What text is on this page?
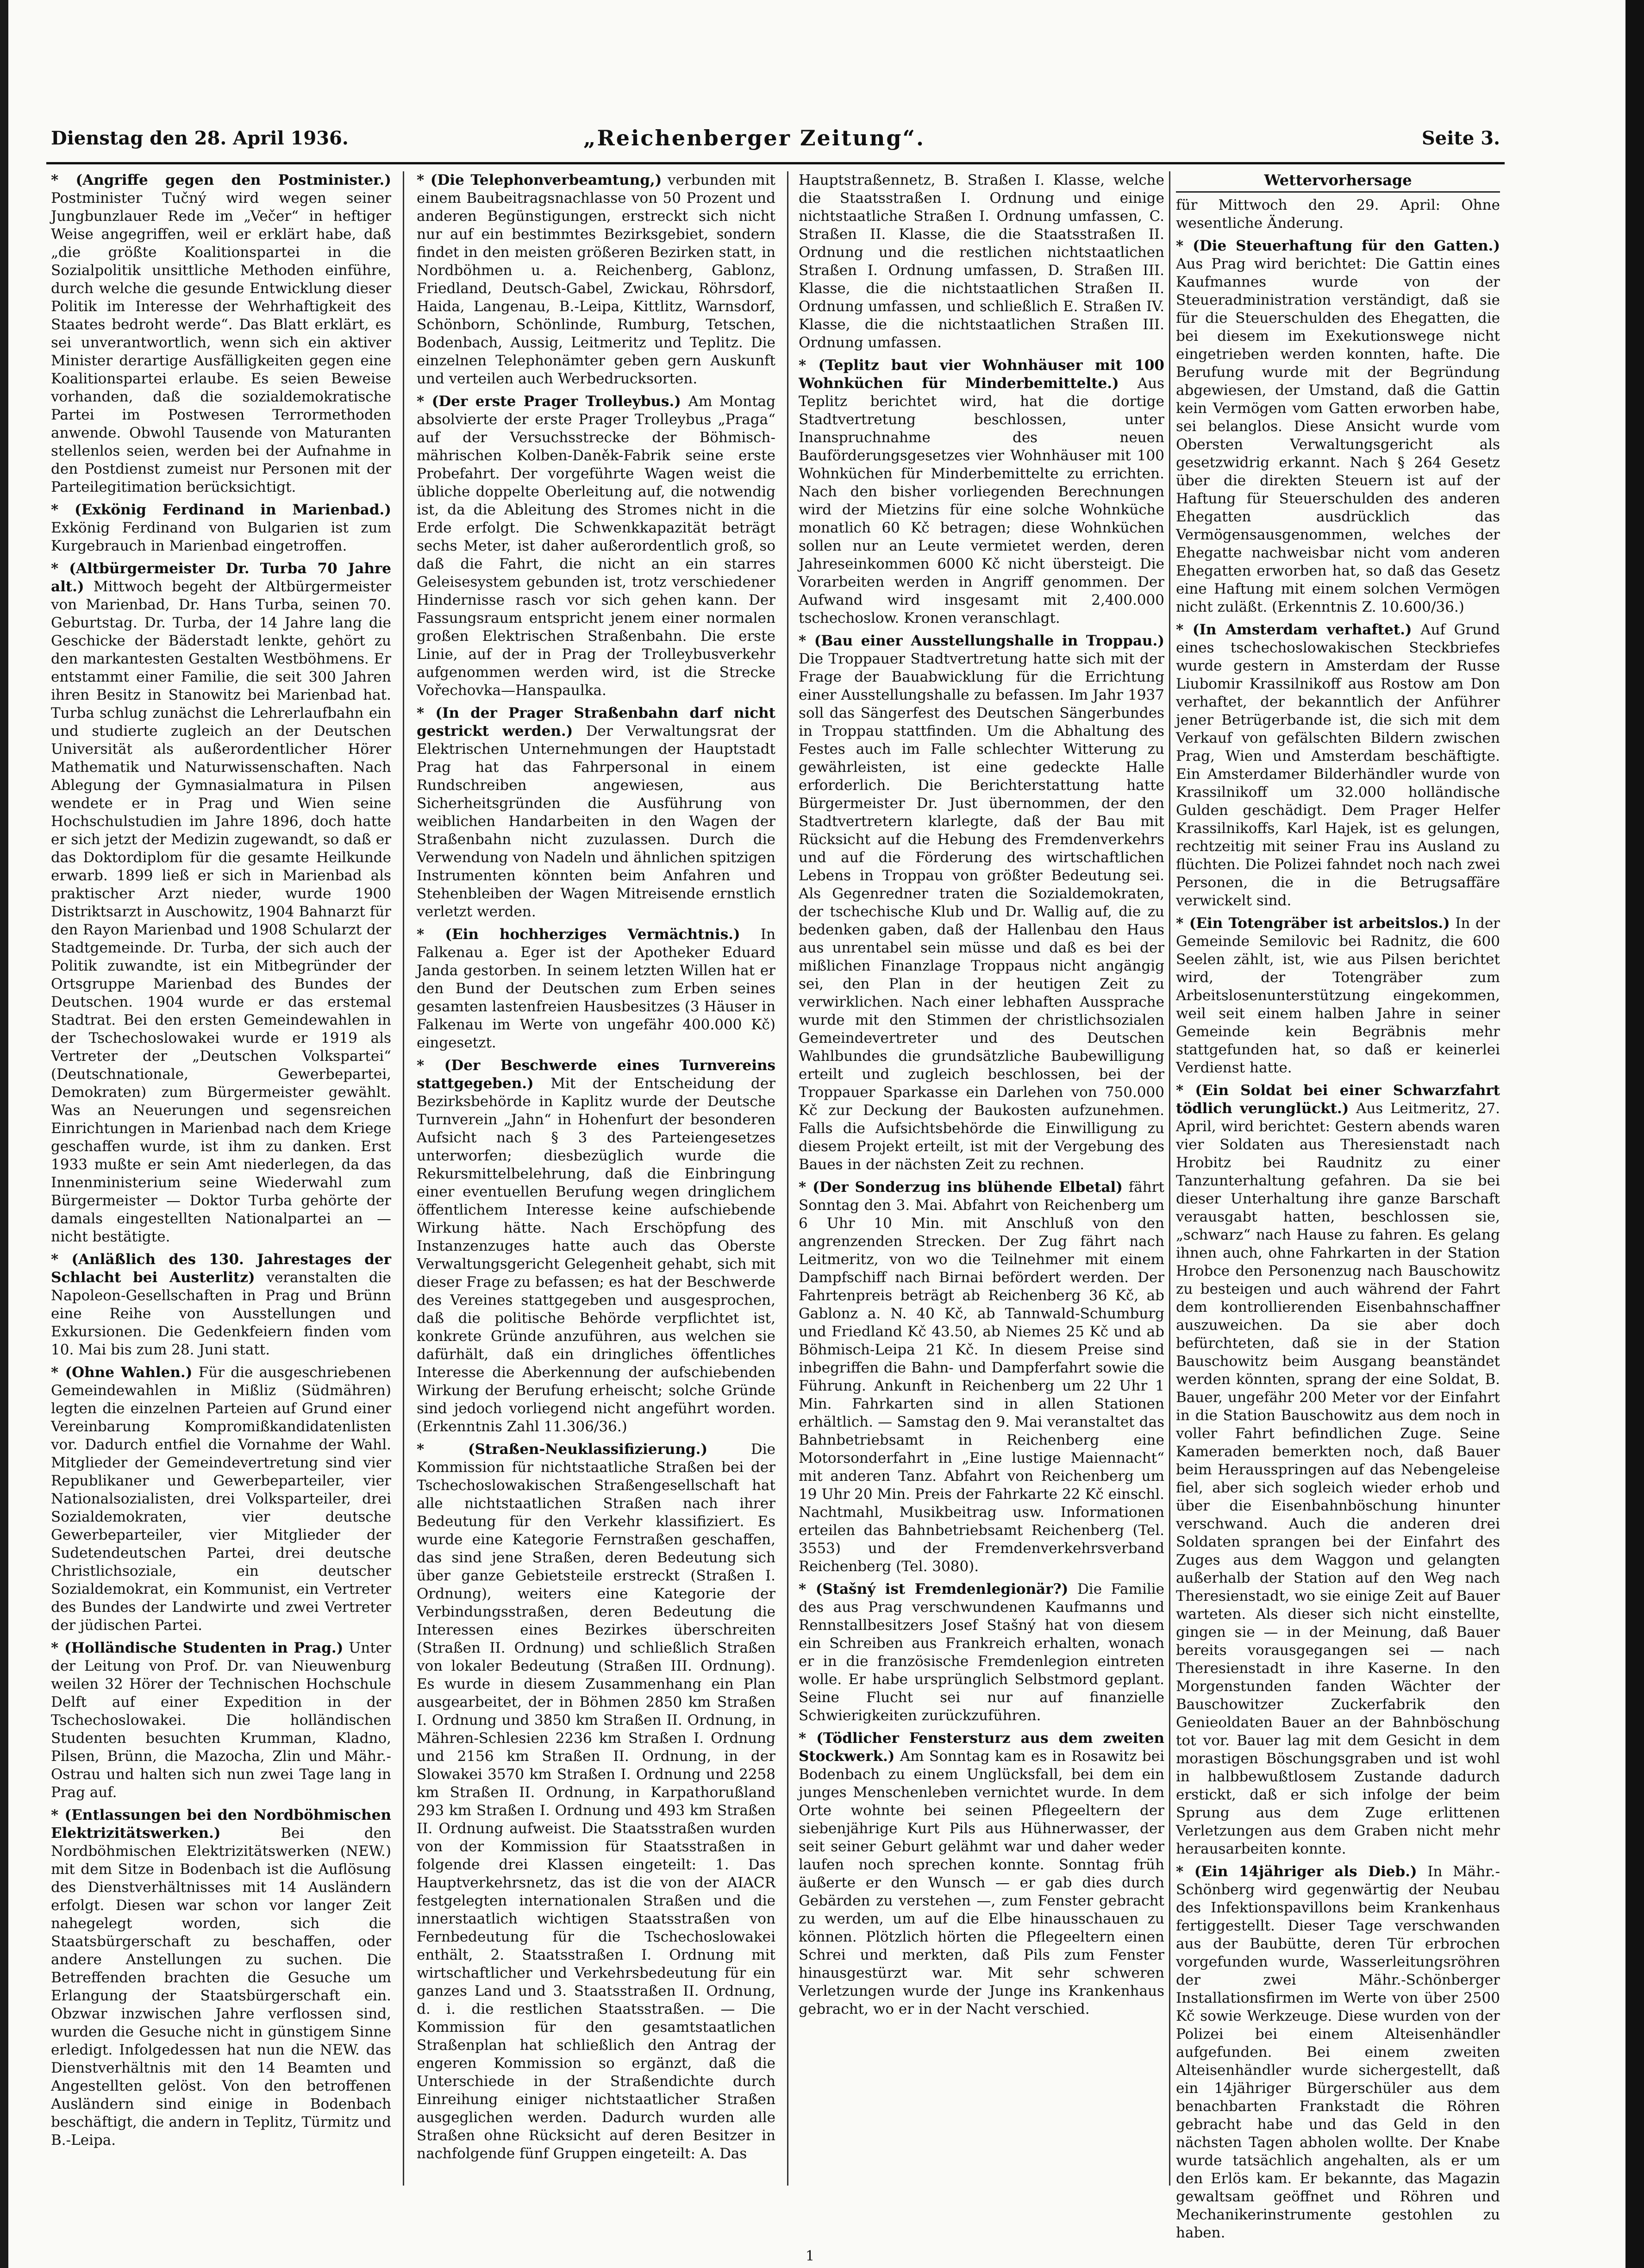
Dienstag den 28. April 1936.	„Reichenberger Zeitung“.	Seite 3.

* (Angriffe gegen den Postminister.) Postminister Tučný wird wegen seiner Jungbunzlauer Rede im „Večer“ in heftiger Weise angegriffen, weil er erklärt habe, daß „die größte Koalitionspartei in die Sozialpolitik unsittliche Methoden einführe, durch welche die gesunde Entwicklung dieser Politik im Interesse der Wehrhaftigkeit des Staates bedroht werde“. Das Blatt erklärt, es sei unverantwortlich, wenn sich ein aktiver Minister derartige Ausfälligkeiten gegen eine Koalitionspartei erlaube. Es seien Beweise vorhanden, daß die sozialdemokratische Partei im Postwesen Terrormethoden anwende. Obwohl Tausende von Maturanten stellenlos seien, werden bei der Aufnahme in den Postdienst zumeist nur Personen mit der Parteilegitimation berücksichtigt.

* (Exkönig Ferdinand in Marienbad.) Exkönig Ferdinand von Bulgarien ist zum Kurgebrauch in Marienbad eingetroffen.

* (Altbürgermeister Dr. Turba 70 Jahre alt.) Mittwoch begeht der Altbürgermeister von Marienbad, Dr. Hans Turba, seinen 70. Geburtstag. Dr. Turba, der 14 Jahre lang die Geschicke der Bäderstadt lenkte, gehört zu den markantesten Gestalten Westböhmens. Er entstammt einer Familie, die seit 300 Jahren ihren Besitz in Stanowitz bei Marienbad hat. Turba schlug zunächst die Lehrerlaufbahn ein und studierte zugleich an der Deutschen Universität als außerordentlicher Hörer Mathematik und Naturwissenschaften. Nach Ablegung der Gymnasialmatura in Pilsen wendete er in Prag und Wien seine Hochschulstudien im Jahre 1896, doch hatte er sich jetzt der Medizin zugewandt, so daß er das Doktordiplom für die gesamte Heilkunde erwarb. 1899 ließ er sich in Marienbad als praktischer Arzt nieder, wurde 1900 Distriktsarzt in Auschowitz, 1904 Bahnarzt für den Rayon Marienbad und 1908 Schularzt der Stadtgemeinde. Dr. Turba, der sich auch der Politik zuwandte, ist ein Mitbegründer der Ortsgruppe Marienbad des Bundes der Deutschen. 1904 wurde er das erstemal Stadtrat. Bei den ersten Gemeindewahlen in der Tschechoslowakei wurde er 1919 als Vertreter der „Deutschen Volkspartei“ (Deutschnationale, Gewerbepartei, Demokraten) zum Bürgermeister gewählt. Was an Neuerungen und segensreichen Einrichtungen in Marienbad nach dem Kriege geschaffen wurde, ist ihm zu danken. Erst 1933 mußte er sein Amt niederlegen, da das Innenministerium seine Wiederwahl zum Bürgermeister — Doktor Turba gehörte der damals eingestellten Nationalpartei an — nicht bestätigte.

* (Anläßlich des 130. Jahrestages der Schlacht bei Austerlitz) veranstalten die Napoleon-Gesellschaften in Prag und Brünn eine Reihe von Ausstellungen und Exkursionen. Die Gedenkfeiern finden vom 10. Mai bis zum 28. Juni statt.

* (Ohne Wahlen.) Für die ausgeschriebenen Gemeindewahlen in Mißliz (Südmähren) legten die einzelnen Parteien auf Grund einer Vereinbarung Kompromißkandidatenlisten vor. Dadurch entfiel die Vornahme der Wahl. Mitglieder der Gemeindevertretung sind vier Republikaner und Gewerbeparteiler, vier Nationalsozialisten, drei Volksparteiler, drei Sozialdemokraten, vier deutsche Gewerbeparteiler, vier Mitglieder der Sudetendeutschen Partei, drei deutsche Christlichsoziale, ein deutscher Sozialdemokrat, ein Kommunist, ein Vertreter des Bundes der Landwirte und zwei Vertreter der jüdischen Partei.

* (Holländische Studenten in Prag.) Unter der Leitung von Prof. Dr. van Nieuwenburg weilen 32 Hörer der Technischen Hochschule Delft auf einer Expedition in der Tschechoslowakei. Die holländischen Studenten besuchten Krumman, Kladno, Pilsen, Brünn, die Mazocha, Zlin und Mähr.-Ostrau und halten sich nun zwei Tage lang in Prag auf.

* (Entlassungen bei den Nordböhmischen Elektrizitätswerken.)	Bei den Nordböhmischen Elektrizitätswerken (NEW.) mit dem Sitze in Bodenbach ist die Auflösung des Dienstverhältnisses mit 14 Ausländern erfolgt. Diesen war schon vor langer Zeit nahegelegt worden, sich die Staatsbürgerschaft zu beschaffen, oder andere Anstellungen zu suchen. Die Betreffenden brachten die Gesuche um Erlangung der Staatsbürgerschaft ein. Obzwar inzwischen Jahre verflossen sind, wurden die Gesuche nicht in günstigem Sinne erledigt. Infolgedessen hat nun die NEW. das Dienstverhältnis mit den 14 Beamten und Angestellten gelöst. Von den betroffenen Ausländern sind einige in Bodenbach beschäftigt, die andern in Teplitz, Türmitz und B.-Leipa.

* (Die Telephonverbeamtung,) verbunden mit einem Baubeitragsnachlasse von 50 Prozent und anderen Begünstigungen, erstreckt sich nicht nur auf ein bestimmtes Bezirksgebiet, sondern findet in den meisten größeren Bezirken statt, in Nordböhmen u. a. Reichenberg, Gablonz, Friedland, Deutsch-Gabel, Zwickau, Röhrsdorf, Haida, Langenau, B.-Leipa, Kittlitz, Warnsdorf, Schönborn, Schönlinde, Rumburg, Tetschen, Bodenbach, Aussig, Leitmeritz und Teplitz. Die einzelnen Telephonämter geben gern Auskunft und verteilen auch Werbedrucksorten.

* (Der erste Prager Trolleybus.) Am Montag absolvierte der erste Prager Trolleybus „Praga“ auf der Versuchsstrecke der Böhmisch-mährischen Kolben-Daněk-Fabrik seine erste Probefahrt. Der vorgeführte Wagen weist die übliche doppelte Oberleitung auf, die notwendig ist, da die Ableitung des Stromes nicht in die Erde erfolgt. Die Schwenkkapazität beträgt sechs Meter, ist daher außerordentlich groß, so daß die Fahrt, die nicht an ein starres Geleisesystem gebunden ist, trotz verschiedener Hindernisse rasch vor sich gehen kann. Der Fassungsraum entspricht jenem einer normalen großen Elektrischen Straßenbahn. Die erste Linie, auf der in Prag der Trolleybusverkehr aufgenommen werden wird, ist die Strecke Vořechovka—Hanspaulka.

* (In der Prager Straßenbahn darf nicht gestrickt werden.) Der Verwaltungsrat der Elektrischen Unternehmungen der Hauptstadt Prag hat das Fahrpersonal in einem Rundschreiben angewiesen, aus Sicherheitsgründen die Ausführung von weiblichen Handarbeiten in den Wagen der Straßenbahn nicht zuzulassen. Durch die Verwendung von Nadeln und ähnlichen spitzigen Instrumenten könnten beim Anfahren und Stehenbleiben der Wagen Mitreisende ernstlich verletzt werden.

* (Ein hochherziges Vermächtnis.) In Falkenau a. Eger ist der Apotheker Eduard Janda gestorben. In seinem letzten Willen hat er den Bund der Deutschen zum Erben seines gesamten lastenfreien Hausbesitzes (3 Häuser in Falkenau im Werte von ungefähr 400.000 Kč) eingesetzt.

* (Der Beschwerde eines Turnvereins stattgegeben.) Mit der Entscheidung der Bezirksbehörde in Kaplitz wurde der Deutsche Turnverein „Jahn“ in Hohenfurt der besonderen Aufsicht nach § 3 des Parteiengesetzes unterworfen; diesbezüglich wurde die Rekursmittelbelehrung, daß die Einbringung einer eventuellen Berufung wegen dringlichem öffentlichem Interesse keine aufschiebende Wirkung hätte. Nach Erschöpfung des Instanzenzuges hatte auch das Oberste Verwaltungsgericht Gelegenheit gehabt, sich mit dieser Frage zu befassen; es hat der Beschwerde des Vereines stattgegeben und ausgesprochen, daß die politische Behörde verpflichtet ist, konkrete Gründe anzuführen, aus welchen sie dafürhält, daß ein dringliches öffentliches Interesse die Aberkennung der aufschiebenden Wirkung der Berufung erheischt; solche Gründe sind jedoch vorliegend nicht angeführt worden. (Erkenntnis Zahl 11.306/36.)

* (Straßen-Neuklassifizierung.)	Die Kommission für nichtstaatliche Straßen bei der Tschechoslowakischen Straßengesellschaft hat alle nichtstaatlichen Straßen nach ihrer Bedeutung für den Verkehr klassifiziert. Es wurde eine Kategorie Fernstraßen geschaffen, das sind jene Straßen, deren Bedeutung sich über ganze Gebietsteile erstreckt (Straßen I. Ordnung), weiters eine Kategorie der Verbindungsstraßen, deren Bedeutung die Interessen eines Bezirkes überschreiten (Straßen II. Ordnung) und schließlich Straßen von lokaler Bedeutung (Straßen III. Ordnung). Es wurde in diesem Zusammenhang ein Plan ausgearbeitet, der in Böhmen 2850 km Straßen I. Ordnung und 3850 km Straßen II. Ordnung, in Mähren-Schlesien 2236 km Straßen I. Ordnung und 2156 km Straßen II. Ordnung, in der Slowakei 3570 km Straßen I. Ordnung und 2258 km Straßen II. Ordnung, in Karpathorußland 293 km Straßen I. Ordnung und 493 km Straßen II. Ordnung aufweist. Die Staatsstraßen wurden von der Kommission für Staatsstraßen in folgende drei Klassen eingeteilt: 1. Das Hauptverkehrsnetz, das ist die von der AIACR festgelegten internationalen Straßen und die innerstaatlich wichtigen Staatsstraßen von Fernbedeutung für die Tschechoslowakei enthält, 2. Staatsstraßen I. Ordnung mit wirtschaftlicher und Verkehrsbedeutung für ein ganzes Land und 3. Staatsstraßen II. Ordnung, d. i. die restlichen Staatsstraßen. — Die Kommission für den gesamtstaatlichen Straßenplan hat schließlich den Antrag der engeren Kommission so ergänzt, daß die Unterschiede in der Straßendichte durch Einreihung einiger nichtstaatlicher Straßen ausgeglichen werden. Dadurch wurden alle Straßen ohne Rücksicht auf deren Besitzer in nachfolgende fünf Gruppen eingeteilt: A. Das

Hauptstraßennetz, B. Straßen I. Klasse, welche die Staatsstraßen I. Ordnung und einige nichtstaatliche Straßen I. Ordnung umfassen, C. Straßen II. Klasse, die die Staatsstraßen II. Ordnung und die restlichen nichtstaatlichen Straßen I. Ordnung umfassen, D. Straßen III. Klasse, die die nichtstaatlichen Straßen II. Ordnung umfassen, und schließlich E. Straßen IV. Klasse, die die nichtstaatlichen Straßen III. Ordnung umfassen.

* (Teplitz baut vier Wohnhäuser mit 100 Wohnküchen für Minderbemittelte.) Aus Teplitz berichtet wird, hat die dortige Stadtvertretung beschlossen, unter Inanspruchnahme des neuen Bauförderungsgesetzes vier Wohnhäuser mit 100 Wohnküchen für Minderbemittelte zu errichten. Nach den bisher vorliegenden Berechnungen wird der Mietzins für eine solche Wohnküche monatlich 60 Kč betragen; diese Wohnküchen sollen nur an Leute vermietet werden, deren Jahreseinkommen 6000 Kč nicht übersteigt. Die Vorarbeiten werden in Angriff genommen. Der Aufwand wird insgesamt mit 2,400.000 tschechoslow. Kronen veranschlagt.

* (Bau einer Ausstellungshalle in Troppau.) Die Troppauer Stadtvertretung hatte sich mit der Frage der Bauabwicklung für die Errichtung einer Ausstellungshalle zu befassen. Im Jahr 1937 soll das Sängerfest des Deutschen Sängerbundes in Troppau stattfinden. Um die Abhaltung des Festes auch im Falle schlechter Witterung zu gewährleisten, ist eine gedeckte Halle erforderlich. Die Berichterstattung hatte Bürgermeister Dr. Just übernommen, der den Stadtvertretern klarlegte, daß der Bau mit Rücksicht auf die Hebung des Fremdenverkehrs und auf die Förderung des wirtschaftlichen Lebens in Troppau von größter Bedeutung sei. Als Gegenredner traten die Sozialdemokraten, der tschechische Klub und Dr. Wallig auf, die zu bedenken gaben, daß der Hallenbau den Haus aus unrentabel sein müsse und daß es bei der mißlichen Finanzlage Troppaus nicht angängig sei, den Plan in der heutigen Zeit zu verwirklichen. Nach einer lebhaften Aussprache wurde mit den Stimmen der christlichsozialen Gemeindevertreter und des Deutschen Wahlbundes die grundsätzliche Baubewilligung erteilt und zugleich beschlossen, bei der Troppauer Sparkasse ein Darlehen von 750.000 Kč zur Deckung der Baukosten aufzunehmen. Falls die Aufsichtsbehörde die Einwilligung zu diesem Projekt erteilt, ist mit der Vergebung des Baues in der nächsten Zeit zu rechnen.

* (Der Sonderzug ins blühende Elbetal) fährt Sonntag den 3. Mai. Abfahrt von Reichenberg um 6 Uhr 10 Min. mit Anschluß von den angrenzenden Strecken. Der Zug fährt nach Leitmeritz, von wo die Teilnehmer mit einem Dampfschiff nach Birnai befördert werden. Der Fahrtenpreis beträgt ab Reichenberg 36 Kč, ab Gablonz a. N. 40 Kč, ab Tannwald-Schumburg und Friedland Kč 43.50, ab Niemes 25 Kč und ab Böhmisch-Leipa 21 Kč. In diesem Preise sind inbegriffen die Bahn- und Dampferfahrt sowie die Führung. Ankunft in Reichenberg um 22 Uhr 1 Min. Fahrkarten sind in allen Stationen erhältlich. — Samstag den 9. Mai veranstaltet das Bahnbetriebsamt in Reichenberg eine Motorsonderfahrt in „Eine lustige Maiennacht“ mit anderen Tanz. Abfahrt von Reichenberg um 19 Uhr 20 Min. Preis der Fahrkarte 22 Kč einschl. Nachtmahl, Musikbeitrag usw. Informationen erteilen das Bahnbetriebsamt Reichenberg (Tel. 3553) und der Fremdenverkehrsverband Reichenberg (Tel. 3080).

* (Stašný ist Fremdenlegionär?) Die Familie des aus Prag verschwundenen Kaufmanns und Rennstallbesitzers Josef Stašný hat von diesem ein Schreiben aus Frankreich erhalten, wonach er in die französische Fremdenlegion eintreten wolle. Er habe ursprünglich Selbstmord geplant. Seine Flucht sei nur auf finanzielle Schwierigkeiten zurückzuführen.

* (Tödlicher Fenstersturz aus dem zweiten Stockwerk.) Am Sonntag kam es in Rosawitz bei Bodenbach zu einem Unglücksfall, bei dem ein junges Menschenleben vernichtet wurde. In dem Orte wohnte bei seinen Pflegeeltern der siebenjährige Kurt Pils aus Hühnerwasser, der seit seiner Geburt gelähmt war und daher weder laufen noch sprechen konnte. Sonntag früh äußerte er den Wunsch — er gab dies durch Gebärden zu verstehen —, zum Fenster gebracht zu werden, um auf die Elbe hinausschauen zu können. Plötzlich hörten die Pflegeeltern einen Schrei und merkten, daß Pils zum Fenster hinausgestürzt war. Mit sehr schweren Verletzungen wurde der Junge ins Krankenhaus gebracht, wo er in der Nacht verschied.

Wettervorhersage
für Mittwoch den 29. April: Ohne wesentliche Änderung.

* (Die Steuerhaftung für den Gatten.) Aus Prag wird berichtet: Die Gattin eines Kaufmannes wurde von der Steueradministration verständigt, daß sie für die Steuerschulden des Ehegatten, die bei diesem im Exekutionswege nicht eingetrieben werden konnten, hafte. Die Berufung wurde mit der Begründung abgewiesen, der Umstand, daß die Gattin kein Vermögen vom Gatten erworben habe, sei belanglos. Diese Ansicht wurde vom Obersten Verwaltungsgericht als gesetzwidrig erkannt. Nach § 264 Gesetz über die direkten Steuern ist auf der Haftung für Steuerschulden des anderen Ehegatten ausdrücklich das Vermögensausgenommen, welches der Ehegatte nachweisbar nicht vom anderen Ehegatten erworben hat, so daß das Gesetz eine Haftung mit einem solchen Vermögen nicht zuläßt. (Erkenntnis Z. 10.600/36.)

* (In Amsterdam verhaftet.) Auf Grund eines tschechoslowakischen Steckbriefes wurde gestern in Amsterdam der Russe Liubomir Krassilnikoff aus Rostow am Don verhaftet, der bekanntlich der Anführer jener Betrügerbande ist, die sich mit dem Verkauf von gefälschten Bildern zwischen Prag, Wien und Amsterdam beschäftigte. Ein Amsterdamer Bilderhändler wurde von Krassilnikoff um 32.000 holländische Gulden geschädigt. Dem Prager Helfer Krassilnikoffs, Karl Hajek, ist es gelungen, rechtzeitig mit seiner Frau ins Ausland zu flüchten. Die Polizei fahndet noch nach zwei Personen, die in die Betrugsaffäre verwickelt sind.

* (Ein Totengräber ist arbeitslos.) In der Gemeinde Semilovic bei Radnitz, die 600 Seelen zählt, ist, wie aus Pilsen berichtet wird, der Totengräber zum Arbeitslosenunterstützung eingekommen, weil seit einem halben Jahre in seiner Gemeinde kein Begräbnis mehr stattgefunden hat, so daß er keinerlei Verdienst hatte.

* (Ein Soldat bei einer Schwarzfahrt tödlich verunglückt.) Aus Leitmeritz, 27. April, wird berichtet: Gestern abends waren vier Soldaten aus Theresienstadt nach Hrobitz bei Raudnitz zu einer Tanzunterhaltung gefahren. Da sie bei dieser Unterhaltung ihre ganze Barschaft verausgabt hatten, beschlossen sie, „schwarz“ nach Hause zu fahren. Es gelang ihnen auch, ohne Fahrkarten in der Station Hrobce den Personenzug nach Bauschowitz zu besteigen und auch während der Fahrt dem kontrollierenden Eisenbahnschaffner auszuweichen. Da sie aber doch befürchteten, daß sie in der Station Bauschowitz beim Ausgang beanständet werden könnten, sprang der eine Soldat, B. Bauer, ungefähr 200 Meter vor der Einfahrt in die Station Bauschowitz aus dem noch in voller Fahrt befindlichen Zuge. Seine Kameraden bemerkten noch, daß Bauer beim Herausspringen auf das Nebengeleise fiel, aber sich sogleich wieder erhob und über die Eisenbahnböschung hinunter verschwand. Auch die anderen drei Soldaten sprangen bei der Einfahrt des Zuges aus dem Waggon und gelangten außerhalb der Station auf den Weg nach Theresienstadt, wo sie einige Zeit auf Bauer warteten. Als dieser sich nicht einstellte, gingen sie — in der Meinung, daß Bauer bereits vorausgegangen sei — nach Theresienstadt in ihre Kaserne. In den Morgenstunden fanden Wächter der Bauschowitzer Zuckerfabrik den Genieoldaten Bauer an der Bahnböschung tot vor. Bauer lag mit dem Gesicht in dem morastigen Böschungsgraben und ist wohl in halbbewußtlosem Zustande dadurch erstickt, daß er sich infolge der beim Sprung aus dem Zuge erlittenen Verletzungen aus dem Graben nicht mehr herausarbeiten konnte.

* (Ein 14jähriger als Dieb.) In Mähr.-Schönberg wird gegenwärtig der Neubau des Infektionspavillons beim Krankenhaus fertiggestellt. Dieser Tage verschwanden aus der Baubütte, deren Tür erbrochen vorgefunden wurde, Wasserleitungsröhren der zwei Mähr.-Schönberger Installationsfirmen im Werte von über 2500 Kč sowie Werkzeuge. Diese wurden von der Polizei bei einem Alteisenhändler aufgefunden. Bei einem zweiten Alteisenhändler wurde sichergestellt, daß ein 14jähriger Bürgerschüler aus dem benachbarten Frankstadt die Röhren gebracht habe und das Geld in den nächsten Tagen abholen wollte. Der Knabe wurde tatsächlich angehalten, als er um den Erlös kam. Er bekannte, das Magazin gewaltsam geöffnet und Röhren und Mechanikerinstrumente gestohlen zu haben.

1
